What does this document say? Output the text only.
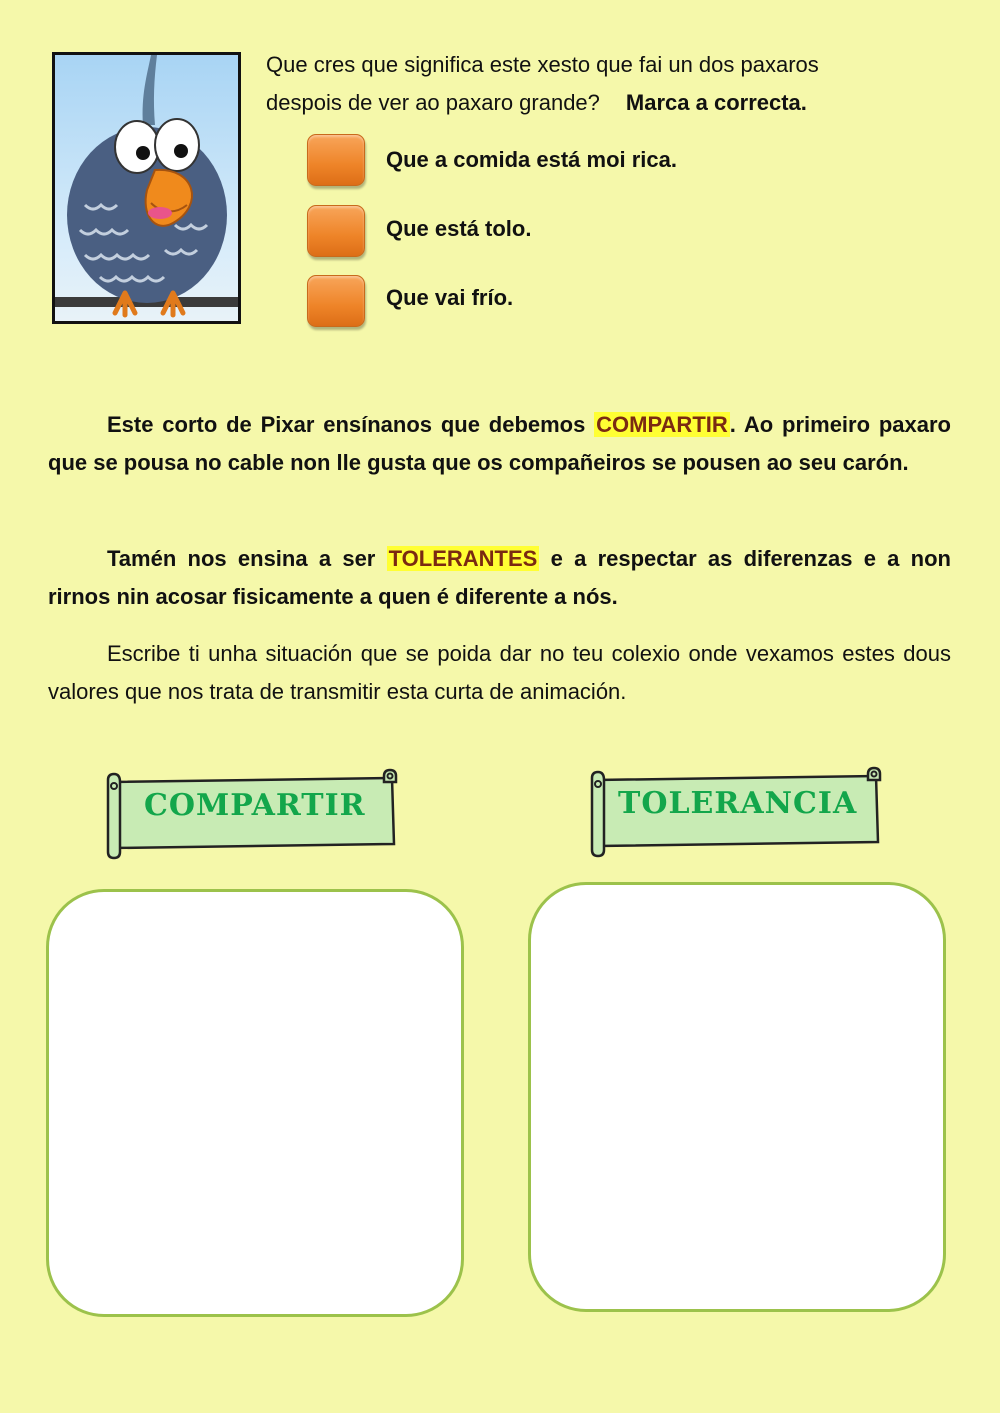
Que cres que significa este xesto que fai un dos paxaros
despois de ver ao paxaro grande? Marca a correcta.
Que a comida está moi rica.
Que está tolo.
Que vai frío.

Este corto de Pixar ensínanos que debemos COMPARTIR. Ao primeiro paxaro que se pousa no cable non lle gusta que os compañeiros se pousen ao seu carón.

Tamén nos ensina a ser TOLERANTES e a respectar as diferenzas e a non rirnos nin acosar fisicamente a quen é diferente a nós.

Escribe ti unha situación que se poida dar no teu colexio onde vexamos estes dous valores que nos trata de transmitir esta curta de animación.

COMPARTIR	TOLERANCIA
